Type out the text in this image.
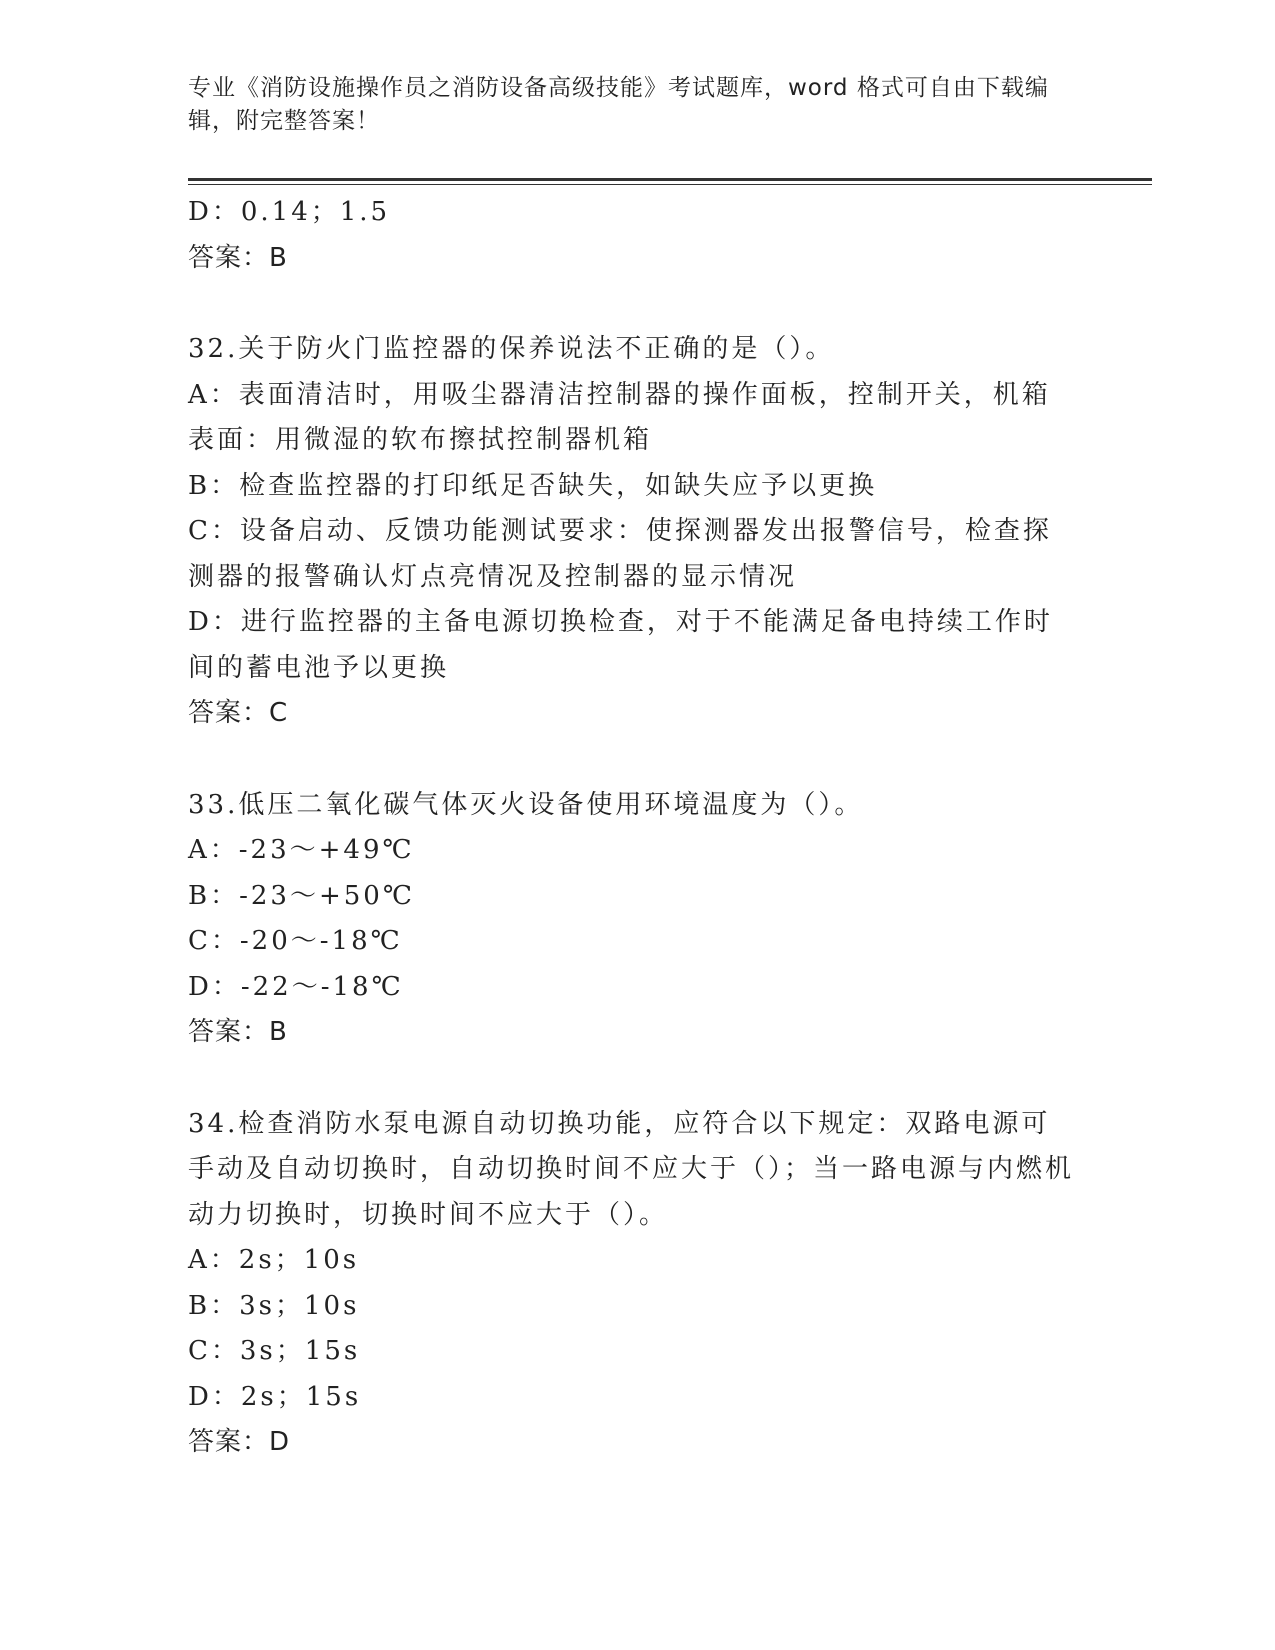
专业《消防设施操作员之消防设备高级技能》考试题库，word 格式可自由下载编辑，附完整答案！
D：0.14；1.5
答案：B
32.关于防火门监控器的保养说法不正确的是（）。
A：表面清洁时，用吸尘器清洁控制器的操作面板，控制开关，机箱表面：用微湿的软布擦拭控制器机箱
B：检查监控器的打印纸足否缺失，如缺失应予以更换
C：设备启动、反馈功能测试要求：使探测器发出报警信号，检查探测器的报警确认灯点亮情况及控制器的显示情况
D：进行监控器的主备电源切换检查，对于不能满足备电持续工作时间的蓄电池予以更换
答案：C
33.低压二氧化碳气体灭火设备使用环境温度为（）。
A：-23～+49℃
B：-23～+50℃
C：-20～-18℃
D：-22～-18℃
答案：B
34.检查消防水泵电源自动切换功能，应符合以下规定：双路电源可手动及自动切换时，自动切换时间不应大于（）；当一路电源与内燃机动力切换时，切换时间不应大于（）。
A：2s；10s
B：3s；10s
C：3s；15s
D：2s；15s
答案：D
